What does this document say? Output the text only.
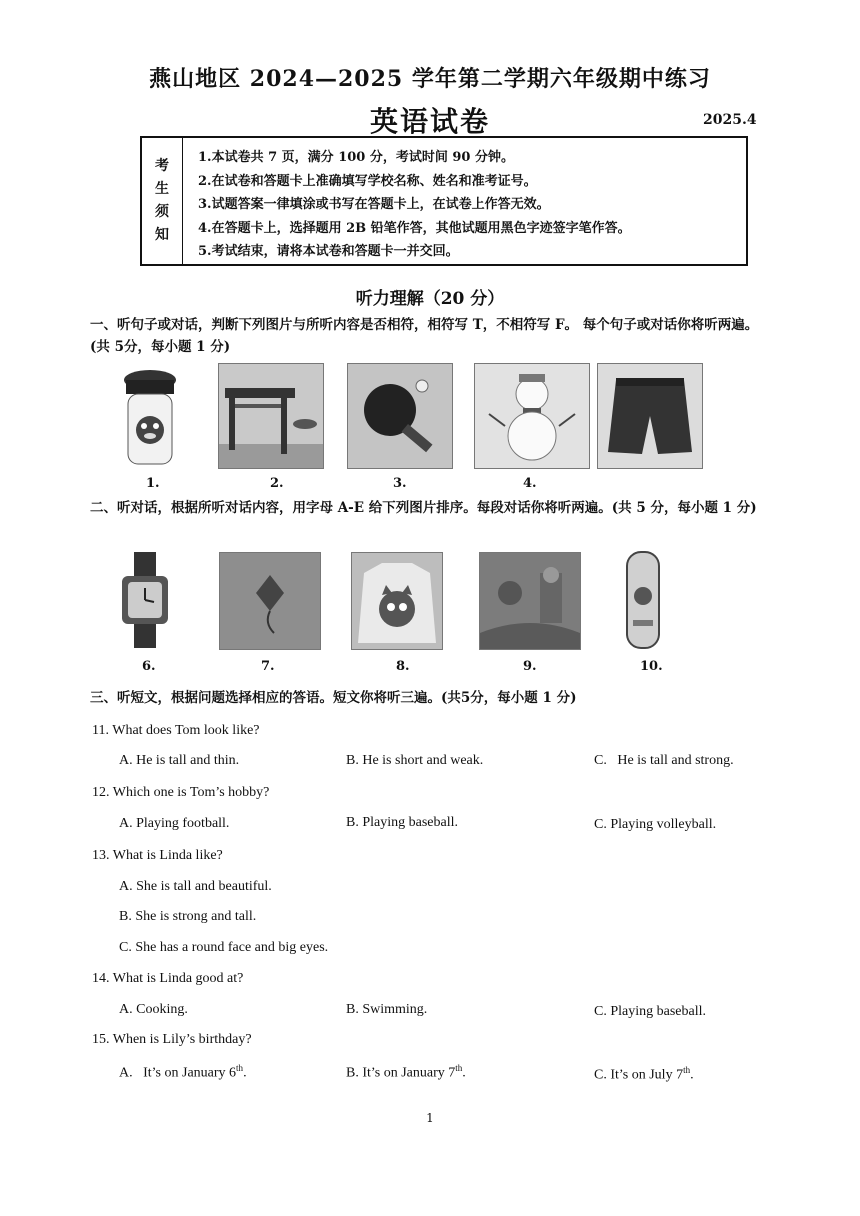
燕山地区 2024—2025 学年第二学期六年级期中练习
英语试卷	2025.4
考
生
须
知
1.本试卷共 7 页，满分 100 分，考试时间 90 分钟。
2.在试卷和答题卡上准确填写学校名称、姓名和准考证号。
3.试题答案一律填涂或书写在答题卡上，在试卷上作答无效。
4.在答题卡上，选择题用 2B 铅笔作答，其他试题用黑色字迹签字笔作答。
5.考试结束，请将本试卷和答题卡一并交回。
听力理解（20 分）
一、听句子或对话，判断下列图片与所听内容是否相符，相符写 T，不相符写 F。 每个句子或对话你将听两遍。(共 5分，每小题 1 分)
1.	2.	3.	4.
二、听对话，根据所听对话内容，用字母 A-E 给下列图片排序。每段对话你将听两遍。(共 5 分，每小题 1 分)
6.	7.	8.	9.	10.
三、听短文，根据问题选择相应的答语。短文你将听三遍。(共5分，每小题 1 分)
11. What does Tom look like?
A. He is tall and thin.	B. He is short and weak.	C.   He is tall and strong.
12. Which one is Tom’s hobby?
A. Playing football.	B. Playing baseball.	C. Playing volleyball.
13. What is Linda like?
A. She is tall and beautiful.
B. She is strong and tall.
C. She has a round face and big eyes.
14. What is Linda good at?
A. Cooking.	B. Swimming.	C. Playing baseball.
15. When is Lily’s birthday?
A.   It’s on January 6th.	B. It’s on January 7th.	C. It’s on July 7th.
1
